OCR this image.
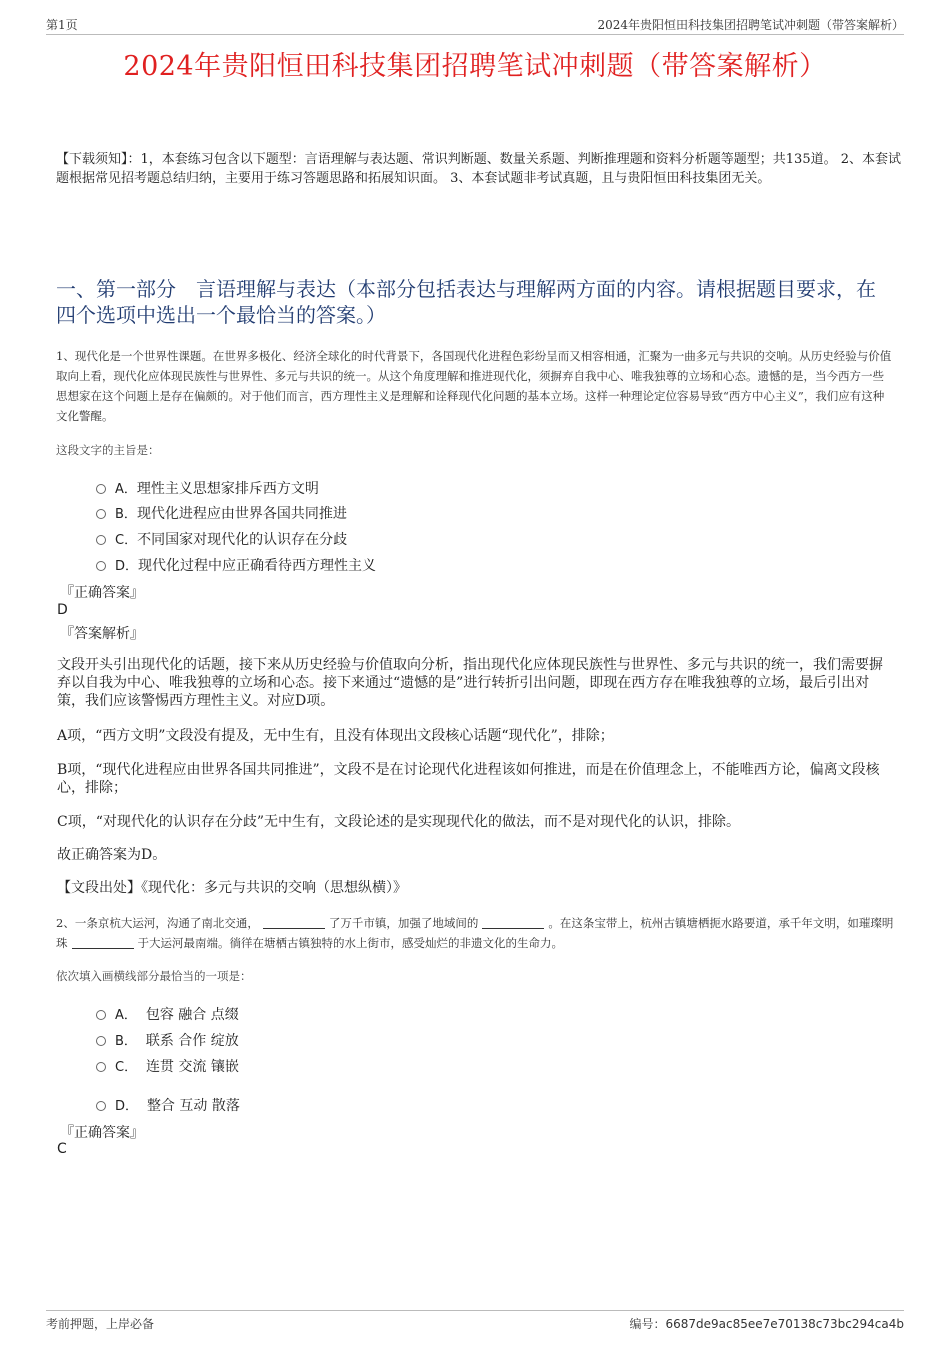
第1页	2024年贵阳恒田科技集团招聘笔试冲刺题（带答案解析）
2024年贵阳恒田科技集团招聘笔试冲刺题（带答案解析）
【下载须知】：1，本套练习包含以下题型：言语理解与表达题、常识判断题、数量关系题、判断推理题和资料分析题等题型；共135道。 2、本套试题根据常见招考题总结归纳，主要用于练习答题思路和拓展知识面。 3、本套试题非考试真题，且与贵阳恒田科技集团无关。
一、第一部分　言语理解与表达（本部分包括表达与理解两方面的内容。请根据题目要求，在四个选项中选出一个最恰当的答案。）
1、现代化是一个世界性课题。在世界多极化、经济全球化的时代背景下，各国现代化进程色彩纷呈而又相容相通，汇聚为一曲多元与共识的交响。从历史经验与价值取向上看，现代化应体现民族性与世界性、多元与共识的统一。从这个角度理解和推进现代化，须摒弃自我中心、唯我独尊的立场和心态。遗憾的是，当今西方一些思想家在这个问题上是存在偏颇的。对于他们而言，西方理性主义是理解和诠释现代化问题的基本立场。这样一种理论定位容易导致“西方中心主义”，我们应有这种文化警醒。
这段文字的主旨是：
A ． 理性主义思想家排斥西方文明
B ． 现代化进程应由世界各国共同推进
C ． 不同国家对现代化的认识存在分歧
D ． 现代化过程中应正确看待西方理性主义
『正确答案』
D
『答案解析』
文段开头引出现代化的话题，接下来从历史经验与价值取向分析，指出现代化应体现民族性与世界性、多元与共识的统一，我们需要摒弃以自我为中心、唯我独尊的立场和心态。接下来通过“遗憾的是”进行转折引出问题，即现在西方存在唯我独尊的立场，最后引出对策，我们应该警惕西方理性主义。对应D项。
A项，“西方文明”文段没有提及，无中生有，且没有体现出文段核心话题“现代化”，排除；
B项，“现代化进程应由世界各国共同推进”，文段不是在讨论现代化进程该如何推进，而是在价值理念上，不能唯西方论，偏离文段核心，排除；
C项，“对现代化的认识存在分歧”无中生有，文段论述的是实现现代化的做法，而不是对现代化的认识，排除。
故正确答案为D。
【文段出处】《现代化：多元与共识的交响（思想纵横）》
2、一条京杭大运河，沟通了南北交通，	了万千市镇，加强了地域间的	。在这条宝带上，杭州古镇塘栖扼水路要道，承千年文明，如璀璨明珠	于大运河最南端。徜徉在塘栖古镇独特的水上街市，感受灿烂的非遗文化的生命力。
依次填入画横线部分最恰当的一项是：
A ． 包容 融合 点缀
B ． 联系 合作 绽放
C ． 连贯 交流 镶嵌
D ． 整合 互动 散落
『正确答案』
C
考前押题，上岸必备	编号：6687de9ac85ee7e70138c73bc294ca4b
